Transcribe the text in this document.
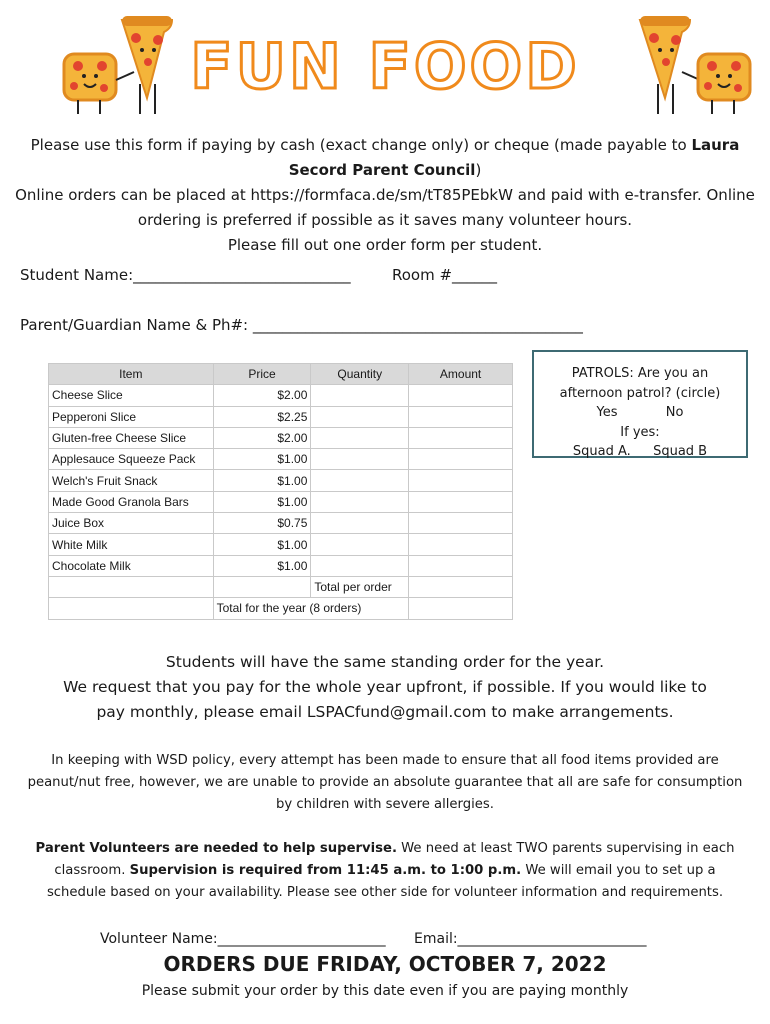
FUN FOOD
Please use this form if paying by cash (exact change only) or cheque (made payable to Laura Secord Parent Council)
Online orders can be placed at https://formfaca.de/sm/tT85PEbkW and paid with e-transfer. Online ordering is preferred if possible as it saves many volunteer hours.
Please fill out one order form per student.
Student Name:_____________________________	Room #______
Parent/Guardian Name & Ph#: ____________________________________________
Item	Price	Quantity	Amount
Cheese Slice	$2.00		
Pepperoni Slice	$2.25		
Gluten-free Cheese Slice	$2.00		
Applesauce Squeeze Pack	$1.00		
Welch's Fruit Snack	$1.00		
Made Good Granola Bars	$1.00		
Juice Box	$0.75		
White Milk	$1.00		
Chocolate Milk	$1.00		
		Total per order	
	Total for the year (8 orders)		
PATROLS: Are you an afternoon patrol? (circle)
Yes	No
If yes:
Squad A.  Squad B
Students will have the same standing order for the year.
We request that you pay for the whole year upfront, if possible. If you would like to pay monthly, please email LSPACfund@gmail.com to make arrangements.
In keeping with WSD policy, every attempt has been made to ensure that all food items provided are peanut/nut free, however, we are unable to provide an absolute guarantee that all are safe for consumption by children with severe allergies.
Parent Volunteers are needed to help supervise. We need at least TWO parents supervising in each classroom. Supervision is required from 11:45 a.m. to 1:00 p.m. We will email you to set up a schedule based on your availability. Please see other side for volunteer information and requirements.
Volunteer Name:________________________ Email:___________________________
ORDERS DUE FRIDAY, OCTOBER 7, 2022
Please submit your order by this date even if you are paying monthly
